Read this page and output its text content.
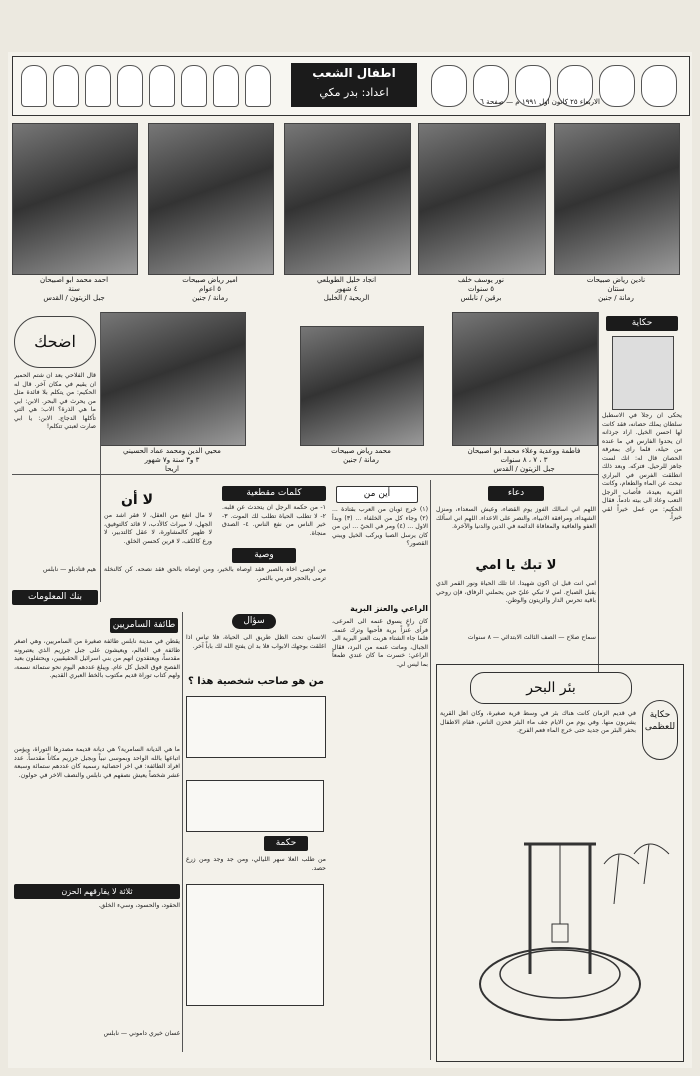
اطفال الشعب
اعداد: بدر مكي
الاربعاء ٢٥ كانون اول ١٩٩١ م — صفحة ٦
نادين رياض صبيحات
سنتان
رمانة / جنين
نور يوسف خلف
٥ سنوات
برقين / نابلس
انجاد خليل الطويلعي
٤ شهور
الريحية / الخليل
امير رياض صبيحات
٥ اعوام
رمانة / جنين
احمد محمد ابو اصبيحان
سنة
جبل الزيتون / القدس
حكاية
يحكى ان رجلاً في الاسطبل سلطان يملك حصانه، فقد كانت لها احسن الخيل. اراد جرذانه ان يحدوا الفارس في ما عنده من حيلة، فلما راى بمعرفة الحصان قال له: انك لست جاهز للرحيل. فتركه. وبعد ذلك انطلقت الفرس في البراري تبحث عن الماء والطعام، وكانت القرية بعيدة، فأصاب الرجل التعب وعاد الى بيته نادماً. فقال الحكيم: من عمل خيراً لقي خيراً.
فاطمة ووعدية وعلاء محمد ابو اصبيحان
٣ ، ٧ ، ٨ سنوات
جبل الزيتون / القدس
محمد رياض صبيحات
رمانة / جنين
محيي الدين ومحمد عماد الحسيني
٣ و٣ سنة و٧ شهور
اريحا
اضحك
قال الفلاحي بعد ان شتم الحمير ان يقيم في مكان آخر. قال له الحكيم: من يتكلم بلا فائدة مثل من يحرث في البحر. الابن: ابي ما هي الذرة؟ الاب: هي التي تأكلها الدجاج. الابن: يا ابي صارت لعبتي تتكلم!
هيم قنادبلو — نابلس
بنك المعلومات
دعاء
اللهم اني اسألك الفوز يوم القضاء، وعيش السعداء، ومنزل الشهداء، ومرافقة الانبياء، والنصر على الاعداء. اللهم اني اسألك العفو والعافية والمعافاة الدائمة في الدين والدنيا والآخرة.
لا تبك يا امي
امي انت قبل ان اكون شهيداً. انا تلك الحياة ونور القمر الذي يقبل الصباح. امي لا تبكي عليّ حين يحملني الرفاق، فإن روحي باقية تحرس الدار والزيتون والوطن.
سماح صلاح — الصف الثالث الابتدائي — ٨ سنوات
أين من
(١) خرج ثوبان من العرب بقتادة ... (٢) وجاء كل من الخلفاء ... (٣) وبدأ الاول ... (٤) ومر في الحيّ ... اين من كان يرسل الصبا ويركب الخيل ويبني القصور؟
الراعي والعنز البرية
كان راعٍ يسوق غنمه الى المرعى، فرأى عنزاً برية فأحبها وترك غنمه. فلما جاء الشتاء هربت العنز البرية الى الجبال، وماتت غنمه من البرد، فقال الراعي: خسرت ما كان عندي طمعاً بما ليس لي.
كلمات مقطعية
١- من حكمة الرجل ان يتحدث عن قلبه. ٢- لا تطلب الحياة تطلب لك الموت. ٣- خير الناس من نفع الناس. ٤- الصدق منجاة.
وصية
من اوصى اخاه بالصبر فقد اوصاه بالخير، ومن اوصاه بالحق فقد نصحه. كن كالنخلة ترمى بالحجر فترمي بالثمر.
لا أن
لا مال انفع من العقل، لا فقر اشد من الجهل، لا ميراث كالأدب، لا قائد كالتوفيق، لا ظهير كالمشاورة، لا عقل كالتدبير، لا ورع كالكف، لا قرين كحسن الخلق.
سؤال
الانسان تحت الظل طريق الى الحياة، فلا تيأس اذا اغلقت بوجهك الابواب فلا بد ان يفتح الله لك باباً آخر.
من هو صاحب شخصية هذا ؟
طائفة السامريين
يقطن في مدينة نابلس طائفة صغيرة من السامريين، وهي اصغر طائفة في العالم، ويعيشون على جبل جرزيم الذي يعتبرونه مقدساً، ويعتقدون انهم من بني اسرائيل الحقيقيين، ويحتفلون بعيد الفصح فوق الجبل كل عام. ويبلغ عددهم اليوم نحو ستمائة نسمة، ولهم كتاب توراة قديم مكتوب بالخط العبري القديم.
ما هي الديانة السامرية؟ هي ديانة قديمة مصدرها التوراة، ويؤمن اتباعها بالله الواحد وبموسى نبياً وبجبل جرزيم مكاناً مقدساً. عدد افراد الطائفة: في اخر احصائية رسمية كان عددهم ستمائة وسبعة عشر شخصاً يعيش نصفهم في نابلس والنصف الاخر في حولون.
حكمة
من طلب العلا سهر الليالي، ومن جد وجد ومن زرع حصد.
ثلاثة لا يفارقهم الحزن
الحقود، والحسود، وسيء الخلق.
غسان خيري داموني — نابلس
بئر البحر
حكاية للعظمى
في قديم الزمان كانت هناك بئر في وسط قرية صغيرة، وكان اهل القرية يشربون منها. وفي يوم من الايام جف ماء البئر فحزن الناس، فقام الاطفال بحفر البئر من جديد حتى خرج الماء فعم الفرح.
